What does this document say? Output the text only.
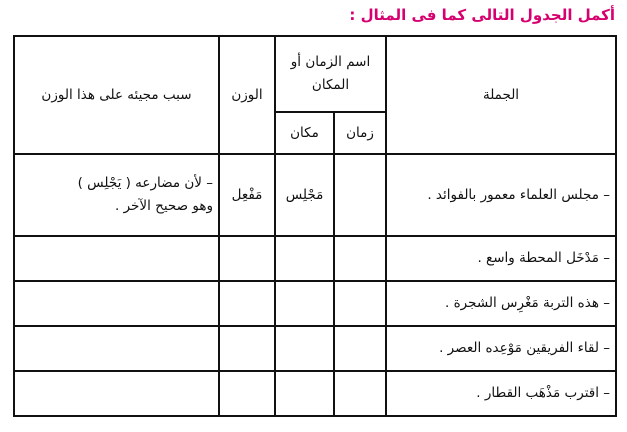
أكمل الجدول التالى كما فى المثال :

الجملة	اسم الزمان أو المكان		الوزن	سبب مجيئه على هذا الوزن
	زمان	مكان		
– مجلس العلماء معمور بالفوائد .		مَجْلِس	مَفْعِل	– لأن مضارعه ( يَجْلِس )
وهو صحيح الآخر .

– مَدْخَل المحطة واسع .				
– هذه التربة مَغْرِس الشجرة .				
– لقاء الفريقين مَوْعِده العصر .				
– اقترب مَذْهَب القطار .				
